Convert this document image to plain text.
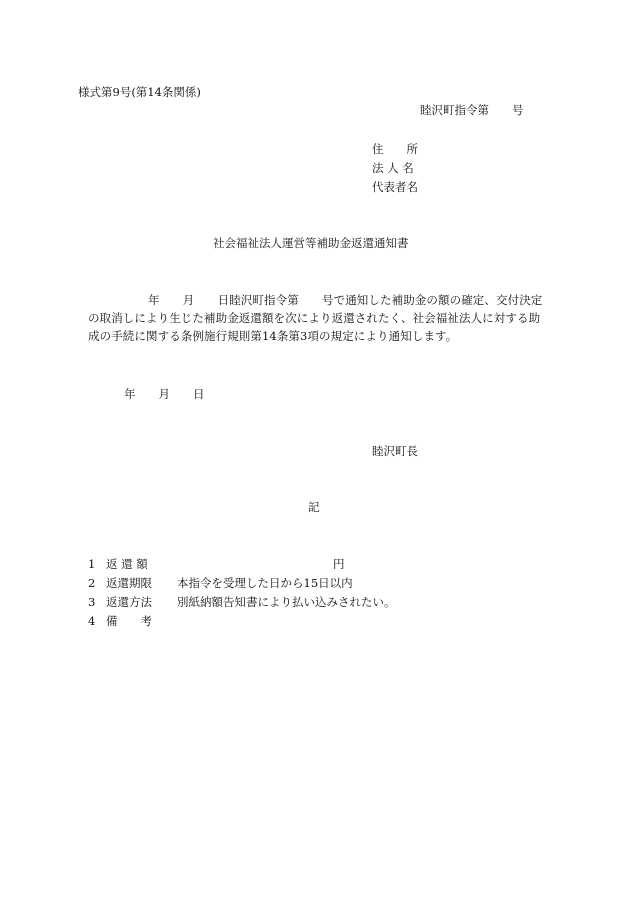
様式第9号(第14条関係)
睦沢町指令第　　号
住　　所
法 人 名
代表者名
社会福祉法人運営等補助金返還通知書
年　　月　　日睦沢町指令第　　号で通知した補助金の額の確定、交付決定
の取消しにより生じた補助金返還額を次により返還されたく、社会福祉法人に対する助
成の手続に関する条例施行規則第14条第3項の規定により通知します。
年　　月　　日
睦沢町長
記
1 返 還 額	円
2 返還期限 本指令を受理した日から15日以内
3 返還方法 別紙納額告知書により払い込みされたい。
4 備　　考
